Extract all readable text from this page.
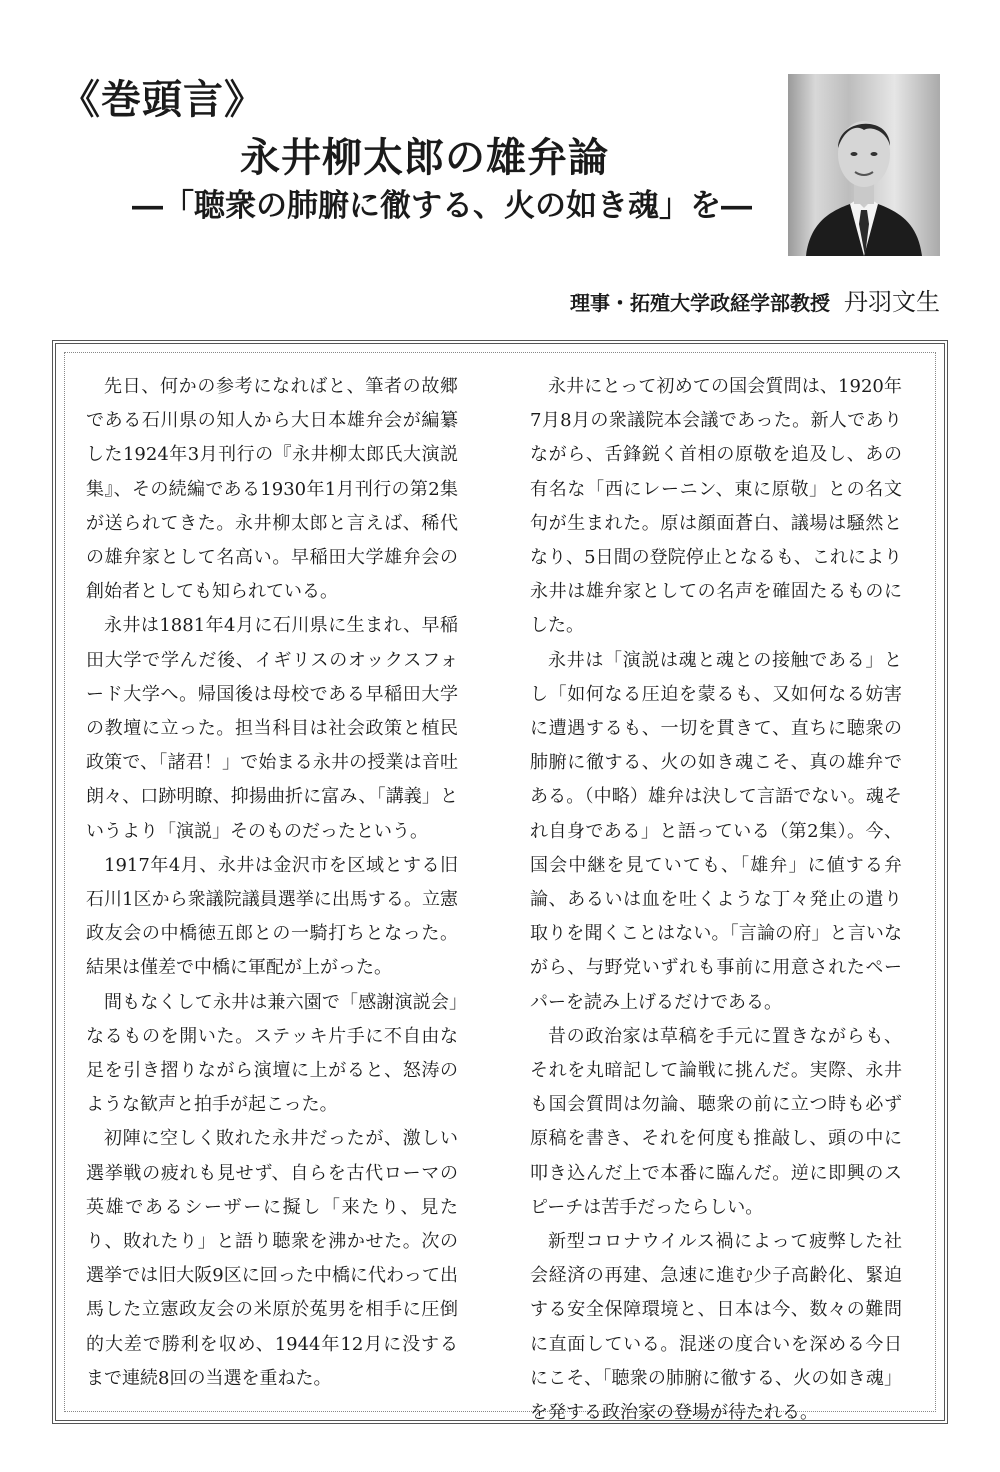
《巻頭言》
永井柳太郎の雄弁論
―「聴衆の肺腑に徹する、火の如き魂」を―
理事・拓殖大学政経学部教授 丹羽文生

先日、何かの参考になればと、筆者の故郷である石川県の知人から大日本雄弁会が編纂した1924年3月刊行の『永井柳太郎氏大演説集』、その続編である1930年1月刊行の第2集が送られてきた。永井柳太郎と言えば、稀代の雄弁家として名高い。早稲田大学雄弁会の創始者としても知られている。

永井は1881年4月に石川県に生まれ、早稲田大学で学んだ後、イギリスのオックスフォード大学へ。帰国後は母校である早稲田大学の教壇に立った。担当科目は社会政策と植民政策で、「諸君！」で始まる永井の授業は音吐朗々、口跡明瞭、抑揚曲折に富み、「講義」というより「演説」そのものだったという。

1917年4月、永井は金沢市を区域とする旧石川1区から衆議院議員選挙に出馬する。立憲政友会の中橋徳五郎との一騎打ちとなった。結果は僅差で中橋に軍配が上がった。

間もなくして永井は兼六園で「感謝演説会」なるものを開いた。ステッキ片手に不自由な足を引き摺りながら演壇に上がると、怒涛のような歓声と拍手が起こった。

初陣に空しく敗れた永井だったが、激しい選挙戦の疲れも見せず、自らを古代ローマの英雄であるシーザーに擬し「来たり、見たり、敗れたり」と語り聴衆を沸かせた。次の選挙では旧大阪9区に回った中橋に代わって出馬した立憲政友会の米原於菟男を相手に圧倒的大差で勝利を収め、1944年12月に没するまで連続8回の当選を重ねた。

永井にとって初めての国会質問は、1920年7月8月の衆議院本会議であった。新人でありながら、舌鋒鋭く首相の原敬を追及し、あの有名な「西にレーニン、東に原敬」との名文句が生まれた。原は顔面蒼白、議場は騒然となり、5日間の登院停止となるも、これにより永井は雄弁家としての名声を確固たるものにした。

永井は「演説は魂と魂との接触である」とし「如何なる圧迫を蒙るも、又如何なる妨害に遭遇するも、一切を貫きて、直ちに聴衆の肺腑に徹する、火の如き魂こそ、真の雄弁である。（中略）雄弁は決して言語でない。魂それ自身である」と語っている（第2集）。今、国会中継を見ていても、「雄弁」に値する弁論、あるいは血を吐くような丁々発止の遣り取りを聞くことはない。「言論の府」と言いながら、与野党いずれも事前に用意されたペーパーを読み上げるだけである。

昔の政治家は草稿を手元に置きながらも、それを丸暗記して論戦に挑んだ。実際、永井も国会質問は勿論、聴衆の前に立つ時も必ず原稿を書き、それを何度も推敲し、頭の中に叩き込んだ上で本番に臨んだ。逆に即興のスピーチは苦手だったらしい。

新型コロナウイルス禍によって疲弊した社会経済の再建、急速に進む少子高齢化、緊迫する安全保障環境と、日本は今、数々の難問に直面している。混迷の度合いを深める今日にこそ、「聴衆の肺腑に徹する、火の如き魂」を発する政治家の登場が待たれる。
